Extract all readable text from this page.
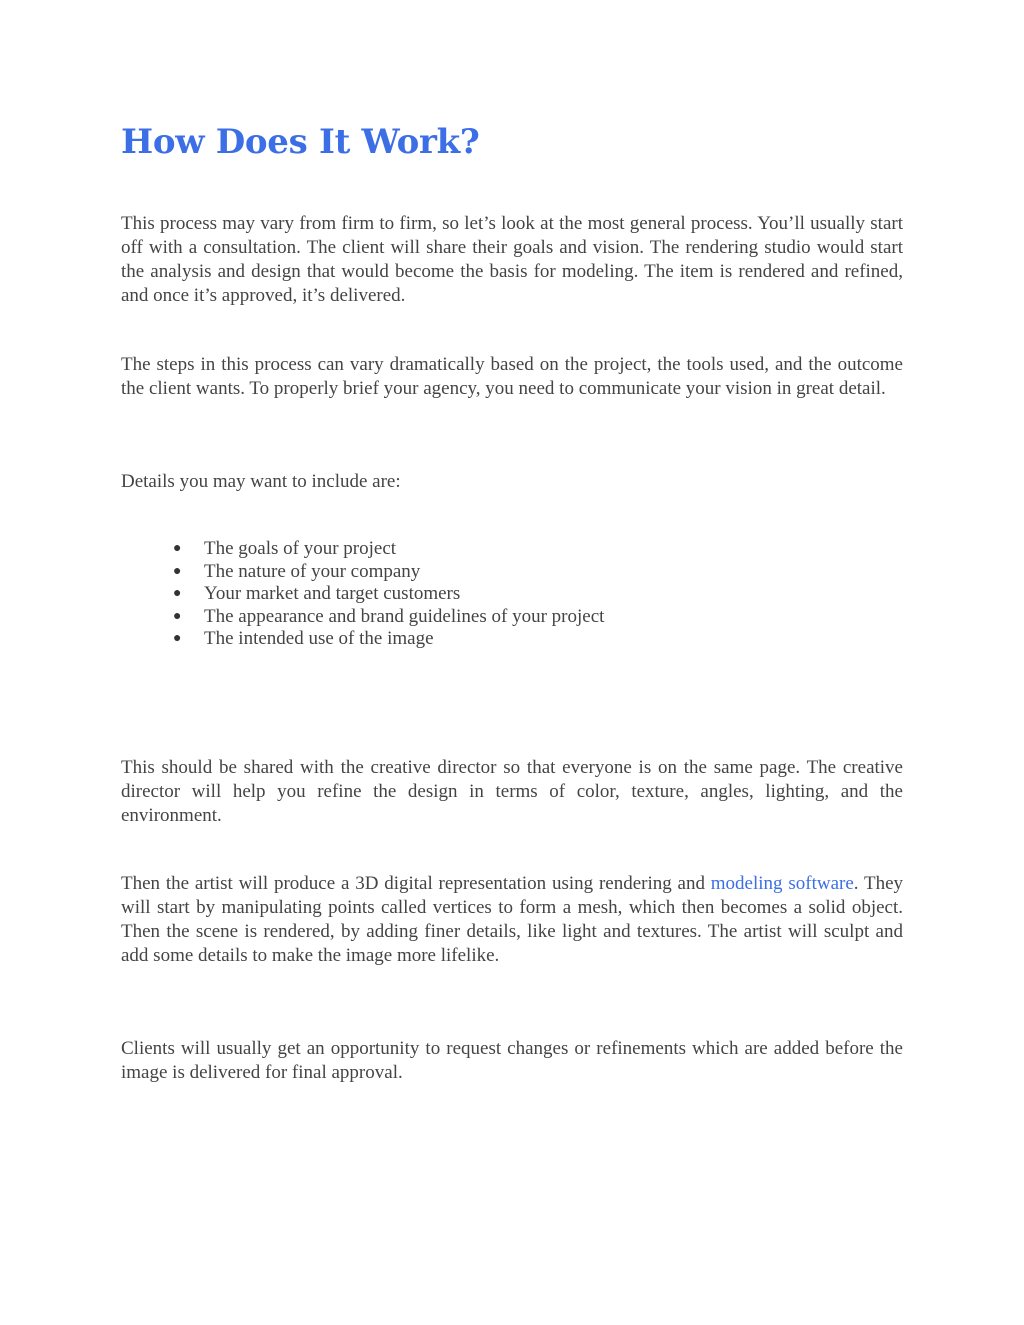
How Does It Work?

This process may vary from firm to firm, so let’s look at the most general process. You’ll usually start off with a consultation. The client will share their goals and vision. The rendering studio would start the analysis and design that would become the basis for modeling. The item is rendered and refined, and once it’s approved, it’s delivered.

The steps in this process can vary dramatically based on the project, the tools used, and the outcome the client wants. To properly brief your agency, you need to communicate your vision in great detail.

Details you may want to include are:

● The goals of your project
● The nature of your company
● Your market and target customers
● The appearance and brand guidelines of your project
● The intended use of the image

This should be shared with the creative director so that everyone is on the same page. The creative director will help you refine the design in terms of color, texture, angles, lighting, and the environment.

Then the artist will produce a 3D digital representation using rendering and modeling software. They will start by manipulating points called vertices to form a mesh, which then becomes a solid object. Then the scene is rendered, by adding finer details, like light and textures. The artist will sculpt and add some details to make the image more lifelike.

Clients will usually get an opportunity to request changes or refinements which are added before the image is delivered for final approval.
